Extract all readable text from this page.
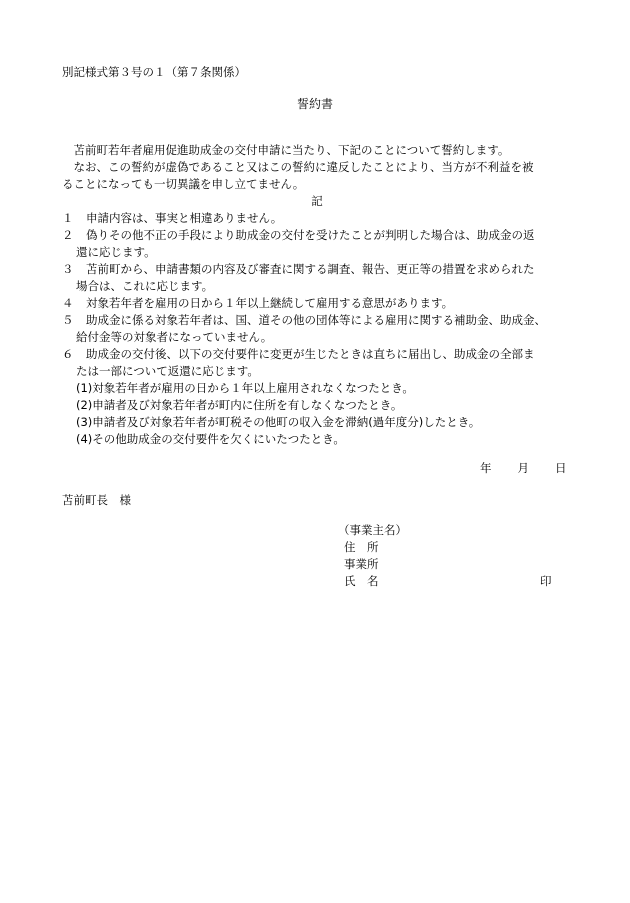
別記様式第３号の１（第７条関係）
誓約書

苫前町若年者雇用促進助成金の交付申請に当たり、下記のことについて誓約します。

なお、この誓約が虚偽であること又はこの誓約に違反したことにより、当方が不利益を被

ることになっても一切異議を申し立てません。

記

１	申請内容は、事実と相違ありません。
２	偽りその他不正の手段により助成金の交付を受けたことが判明した場合は、助成金の返

還に応じます。

３	苫前町から、申請書類の内容及び審査に関する調査、報告、更正等の措置を求められた

場合は、これに応じます。

４	対象若年者を雇用の日から１年以上継続して雇用する意思があります。
５	助成金に係る対象若年者は、国、道その他の団体等による雇用に関する補助金、助成金、

給付金等の対象者になっていません。

６	助成金の交付後、以下の交付要件に変更が生じたときは直ちに届出し、助成金の全部ま

たは一部について返還に応じます。

(1)対象若年者が雇用の日から１年以上雇用されなくなつたとき。

(2)申請者及び対象若年者が町内に住所を有しなくなつたとき。

(3)申請者及び対象若年者が町税その他町の収入金を滞納(過年度分)したとき。

(4)その他助成金の交付要件を欠くにいたつたとき。

年 月 日
苫前町長　様

（事業主名）

住　所

事業所

氏　名	印
